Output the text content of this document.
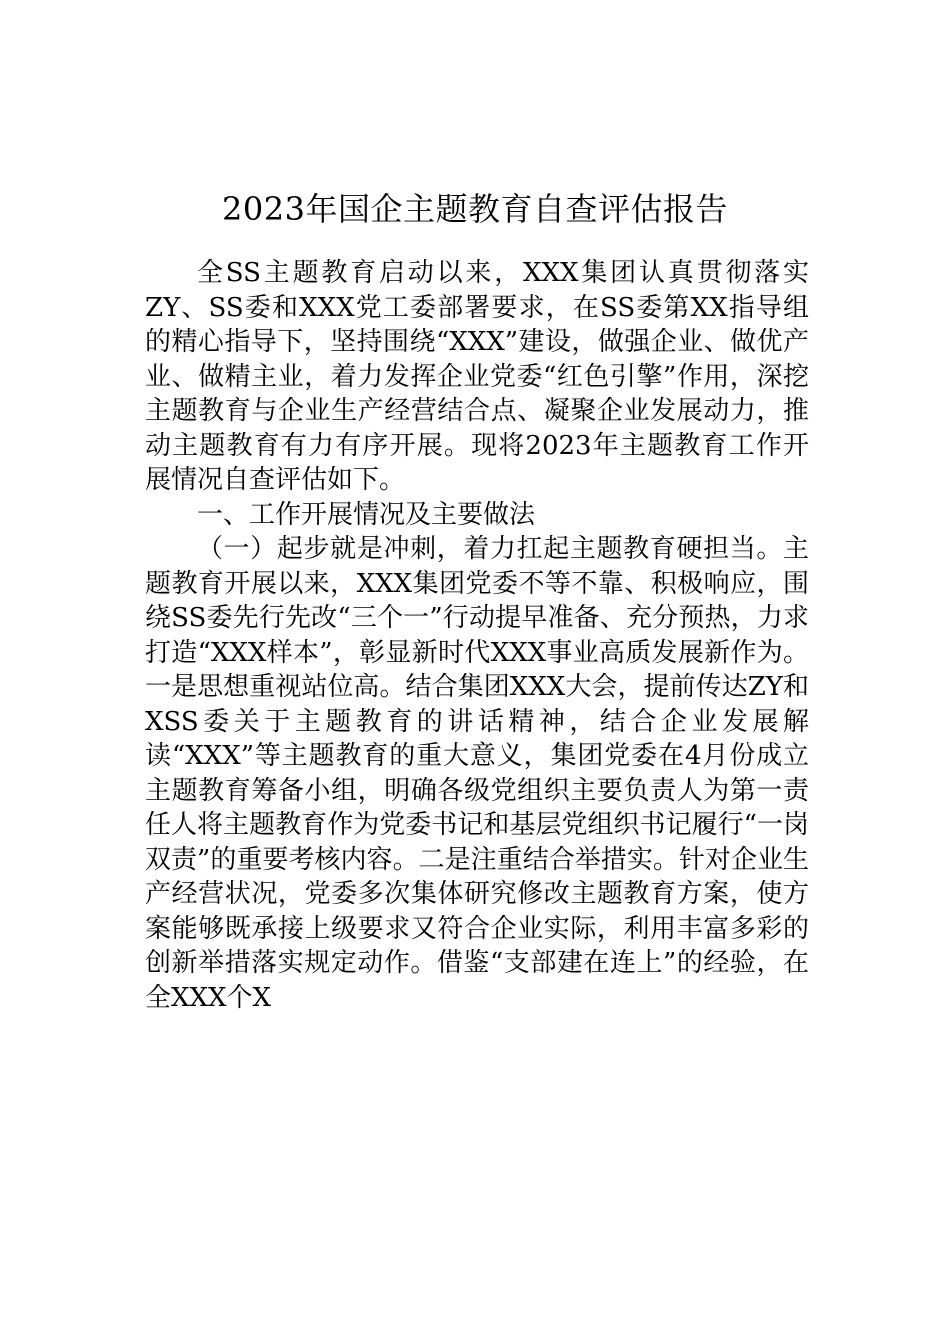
2023年国企主题教育自查评估报告

全SS主题教育启动以来，XXX集团认真贯彻落实ZY、SS委和XXX党工委部署要求，在SS委第XX指导组的精心指导下，坚持围绕“XXX”建设，做强企业、做优产业、做精主业，着力发挥企业党委“红色引擎”作用，深挖主题教育与企业生产经营结合点、凝聚企业发展动力，推动主题教育有力有序开展。现将2023年主题教育工作开展情况自查评估如下。

一、工作开展情况及主要做法

（一）起步就是冲刺，着力扛起主题教育硬担当。主题教育开展以来，XXX集团党委不等不靠、积极响应，围绕SS委先行先改“三个一”行动提早准备、充分预热，力求打造“XXX样本”，彰显新时代XXX事业高质发展新作为。一是思想重视站位高。结合集团XXX大会，提前传达ZY和XSS委关于主题教育的讲话精神，结合企业发展解读“XXX”等主题教育的重大意义，集团党委在4月份成立主题教育筹备小组，明确各级党组织主要负责人为第一责任人将主题教育作为党委书记和基层党组织书记履行“一岗双责”的重要考核内容。二是注重结合举措实。针对企业生产经营状况，党委多次集体研究修改主题教育方案，使方案能够既承接上级要求又符合企业实际，利用丰富多彩的创新举措落实规定动作。借鉴“支部建在连上”的经验，在全XXX个X
